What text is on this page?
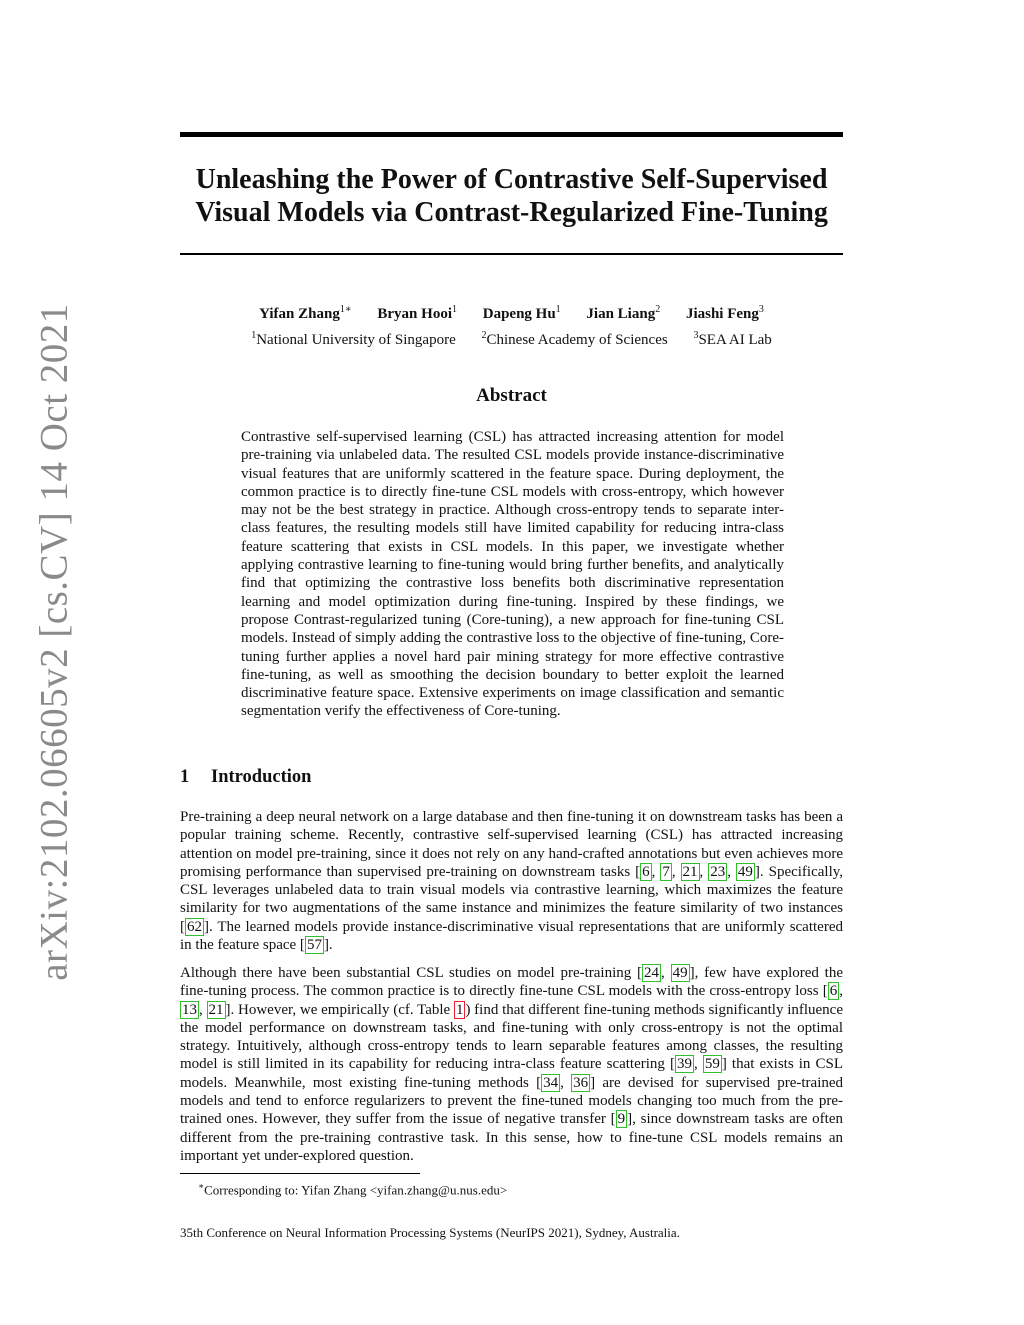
arXiv:2102.06605v2 [cs.CV] 14 Oct 2021
Unleashing the Power of Contrastive Self-Supervised
Visual Models via Contrast-Regularized Fine-Tuning
Yifan Zhang$^{1∗}$ Bryan Hooi$^1$ Dapeng Hu$^1$ Jian Liang$^2$ Jiashi Feng$^3$
$^1$National University of Singapore	$^2$Chinese Academy of Sciences	$^3$SEA AI Lab
Abstract
Contrastive self-supervised learning (CSL) has attracted increasing attention for model pre-training via unlabeled data. The resulted CSL models provide instance-discriminative visual features that are uniformly scattered in the feature space. During deployment, the common practice is to directly fine-tune CSL models with cross-entropy, which however may not be the best strategy in practice. Although cross-entropy tends to separate inter-class features, the resulting models still have limited capability for reducing intra-class feature scattering that exists in CSL models. In this paper, we investigate whether applying contrastive learning to fine-tuning would bring further benefits, and analytically find that optimizing the contrastive loss benefits both discriminative representation learning and model optimization during fine-tuning. Inspired by these findings, we propose Contrast-regularized tuning (Core-tuning), a new approach for fine-tuning CSL models. Instead of simply adding the contrastive loss to the objective of fine-tuning, Core-tuning further applies a novel hard pair mining strategy for more effective contrastive fine-tuning, as well as smoothing the decision boundary to better exploit the learned discriminative feature space. Extensive experiments on image classification and semantic segmentation verify the effectiveness of Core-tuning.
1 Introduction
Pre-training a deep neural network on a large database and then fine-tuning it on downstream tasks has been a popular training scheme. Recently, contrastive self-supervised learning (CSL) has attracted increasing attention on model pre-training, since it does not rely on any hand-crafted annotations but even achieves more promising performance than supervised pre-training on downstream tasks [ 6 , 7 , 21 , 23 , 49 ]. Specifically, CSL leverages unlabeled data to train visual models via contrastive learning, which maximizes the feature similarity for two augmentations of the same instance and minimizes the feature similarity of two instances [ 62 ]. The learned models provide instance-discriminative visual representations that are uniformly scattered in the feature space [ 57 ].
Although there have been substantial CSL studies on model pre-training [ 24 , 49 ], few have explored the fine-tuning process. The common practice is to directly fine-tune CSL models with the cross-entropy loss [ 6 , 13 , 21 ]. However, we empirically (cf. Table 1 ) find that different fine-tuning methods significantly influence the model performance on downstream tasks, and fine-tuning with only cross-entropy is not the optimal strategy. Intuitively, although cross-entropy tends to learn separable features among classes, the resulting model is still limited in its capability for reducing intra-class feature scattering [ 39 , 59 ] that exists in CSL models. Meanwhile, most existing fine-tuning methods [ 34 , 36 ] are devised for supervised pre-trained models and tend to enforce regularizers to prevent the fine-tuned models changing too much from the pre-trained ones. However, they suffer from the issue of negative transfer [ 9 ], since downstream tasks are often different from the pre-training contrastive task. In this sense, how to fine-tune CSL models remains an important yet under-explored question.
∗Corresponding to: Yifan Zhang <yifan.zhang@u.nus.edu>
35th Conference on Neural Information Processing Systems (NeurIPS 2021), Sydney, Australia.
